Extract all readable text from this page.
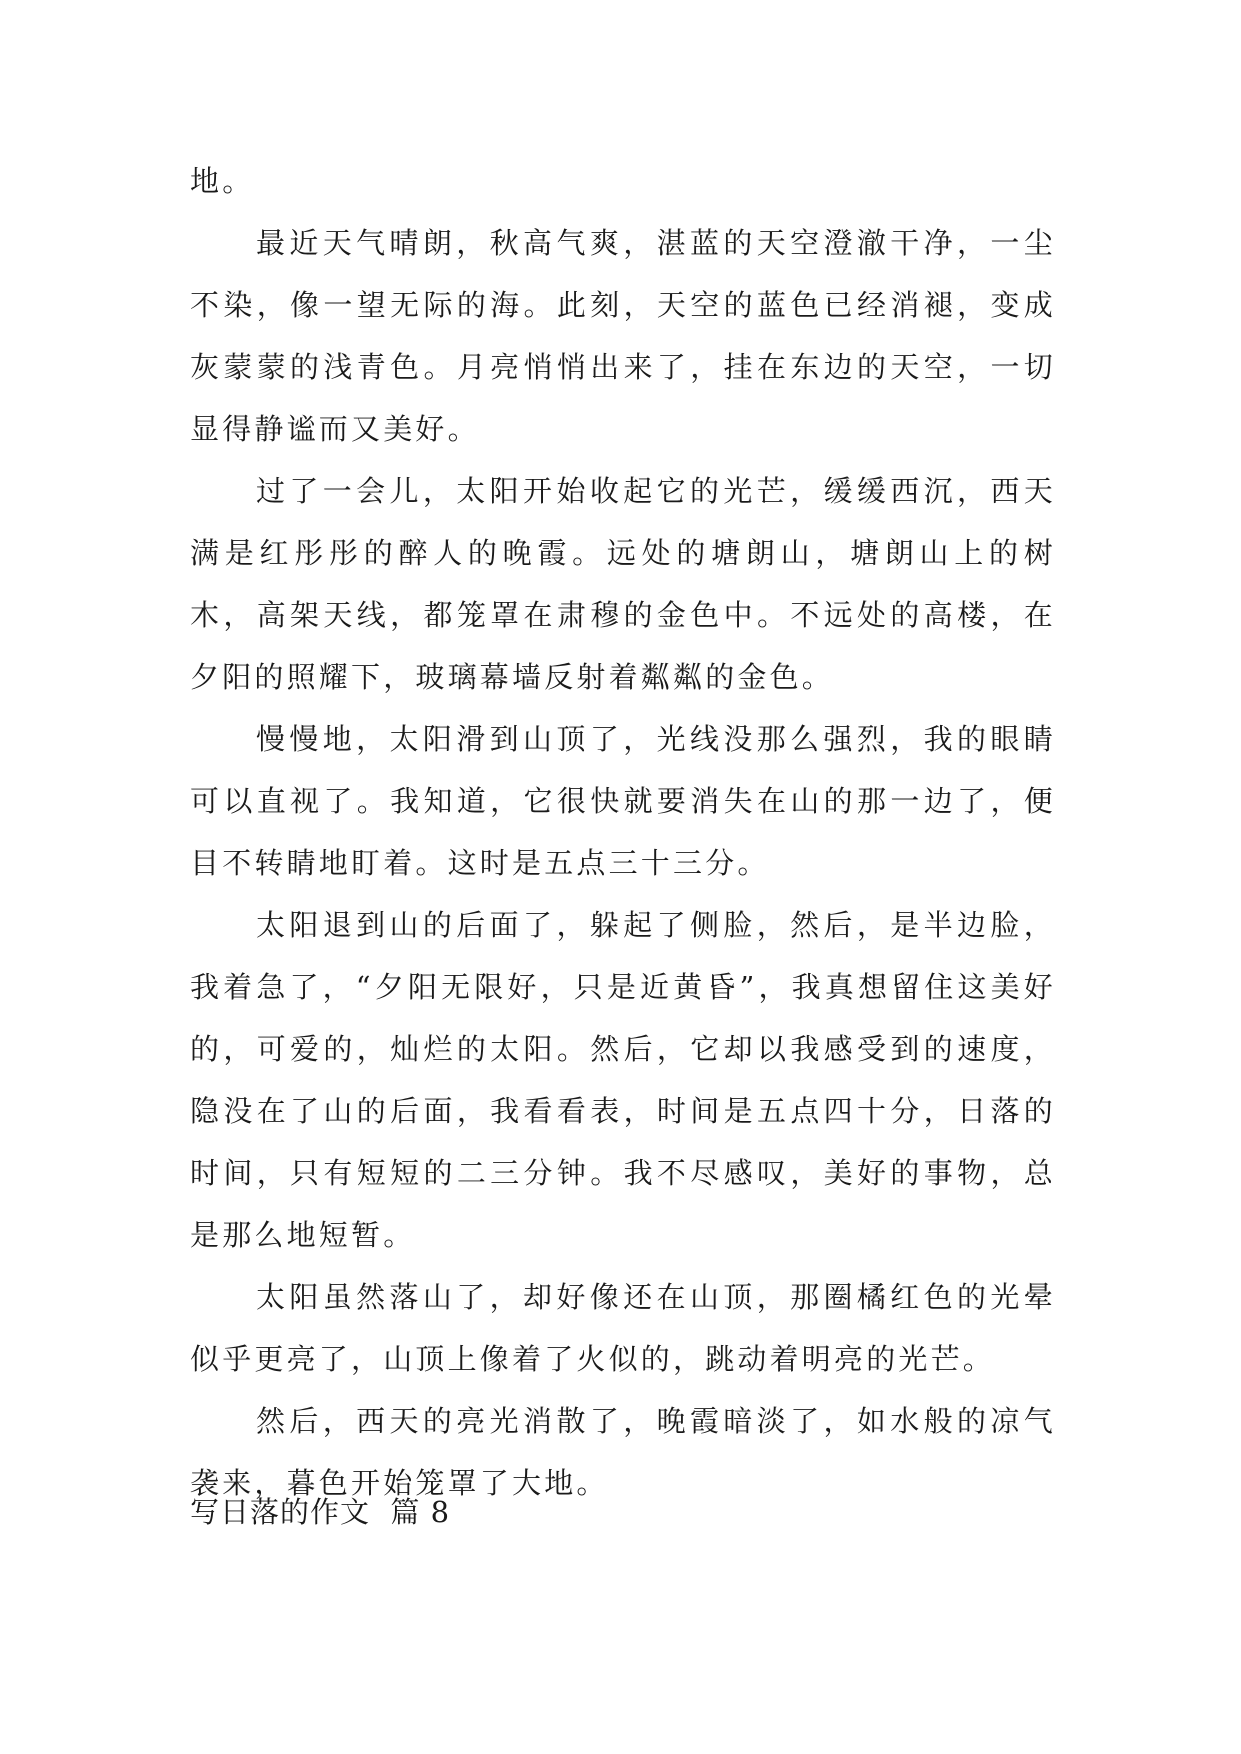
地。

最近天气晴朗，秋高气爽，湛蓝的天空澄澈干净，一尘不染，像一望无际的海。此刻，天空的蓝色已经消褪，变成灰蒙蒙的浅青色。月亮悄悄出来了，挂在东边的天空，一切显得静谧而又美好。

过了一会儿，太阳开始收起它的光芒，缓缓西沉，西天满是红彤彤的醉人的晚霞。远处的塘朗山，塘朗山上的树木，高架天线，都笼罩在肃穆的金色中。不远处的高楼，在夕阳的照耀下，玻璃幕墙反射着粼粼的金色。

慢慢地，太阳滑到山顶了，光线没那么强烈，我的眼睛可以直视了。我知道，它很快就要消失在山的那一边了，便目不转睛地盯着。这时是五点三十三分。

太阳退到山的后面了，躲起了侧脸，然后，是半边脸，我着急了，“夕阳无限好，只是近黄昏”，我真想留住这美好的，可爱的，灿烂的太阳。然后，它却以我感受到的速度，隐没在了山的后面，我看看表，时间是五点四十分，日落的时间，只有短短的二三分钟。我不尽感叹，美好的事物，总是那么地短暂。

太阳虽然落山了，却好像还在山顶，那圈橘红色的光晕似乎更亮了，山顶上像着了火似的，跳动着明亮的光芒。

然后，西天的亮光消散了，晚霞暗淡了，如水般的凉气袭来，暮色开始笼罩了大地。

写日落的作文  篇 8
